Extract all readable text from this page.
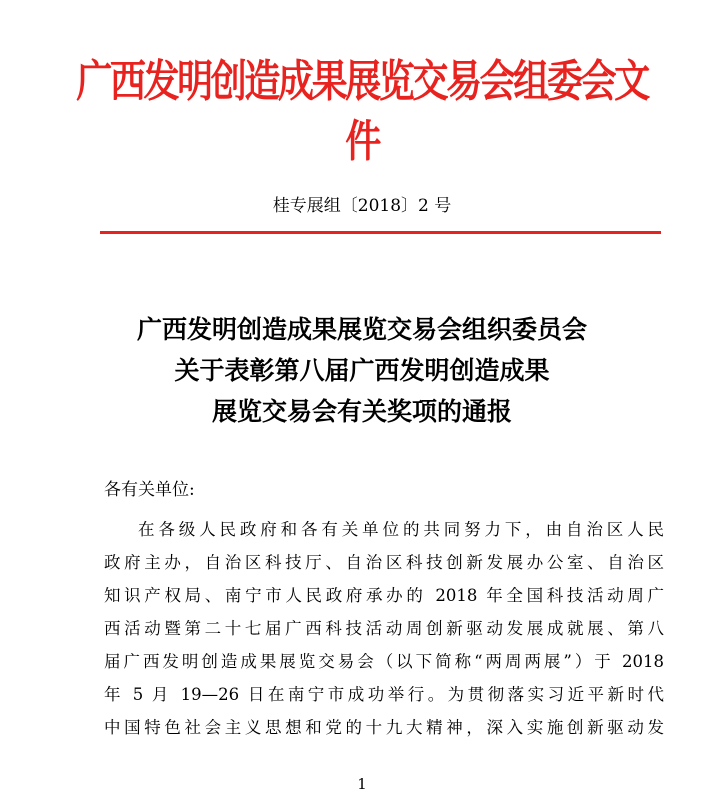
广西发明创造成果展览交易会组委会文件
桂专展组〔2018〕2 号
广西发明创造成果展览交易会组织委员会
关于表彰第八届广西发明创造成果
展览交易会有关奖项的通报
各有关单位:
在各级人民政府和各有关单位的共同努力下，由自治区人民
政府主办，自治区科技厅、自治区科技创新发展办公室、自治区
知识产权局、南宁市人民政府承办的 2018 年全国科技活动周广
西活动暨第二十七届广西科技活动周创新驱动发展成就展、第八
届广西发明创造成果展览交易会（以下简称“两周两展”）于 2018
年 5 月 19—26 日在南宁市成功举行。为贯彻落实习近平新时代
中国特色社会主义思想和党的十九大精神，深入实施创新驱动发
1
